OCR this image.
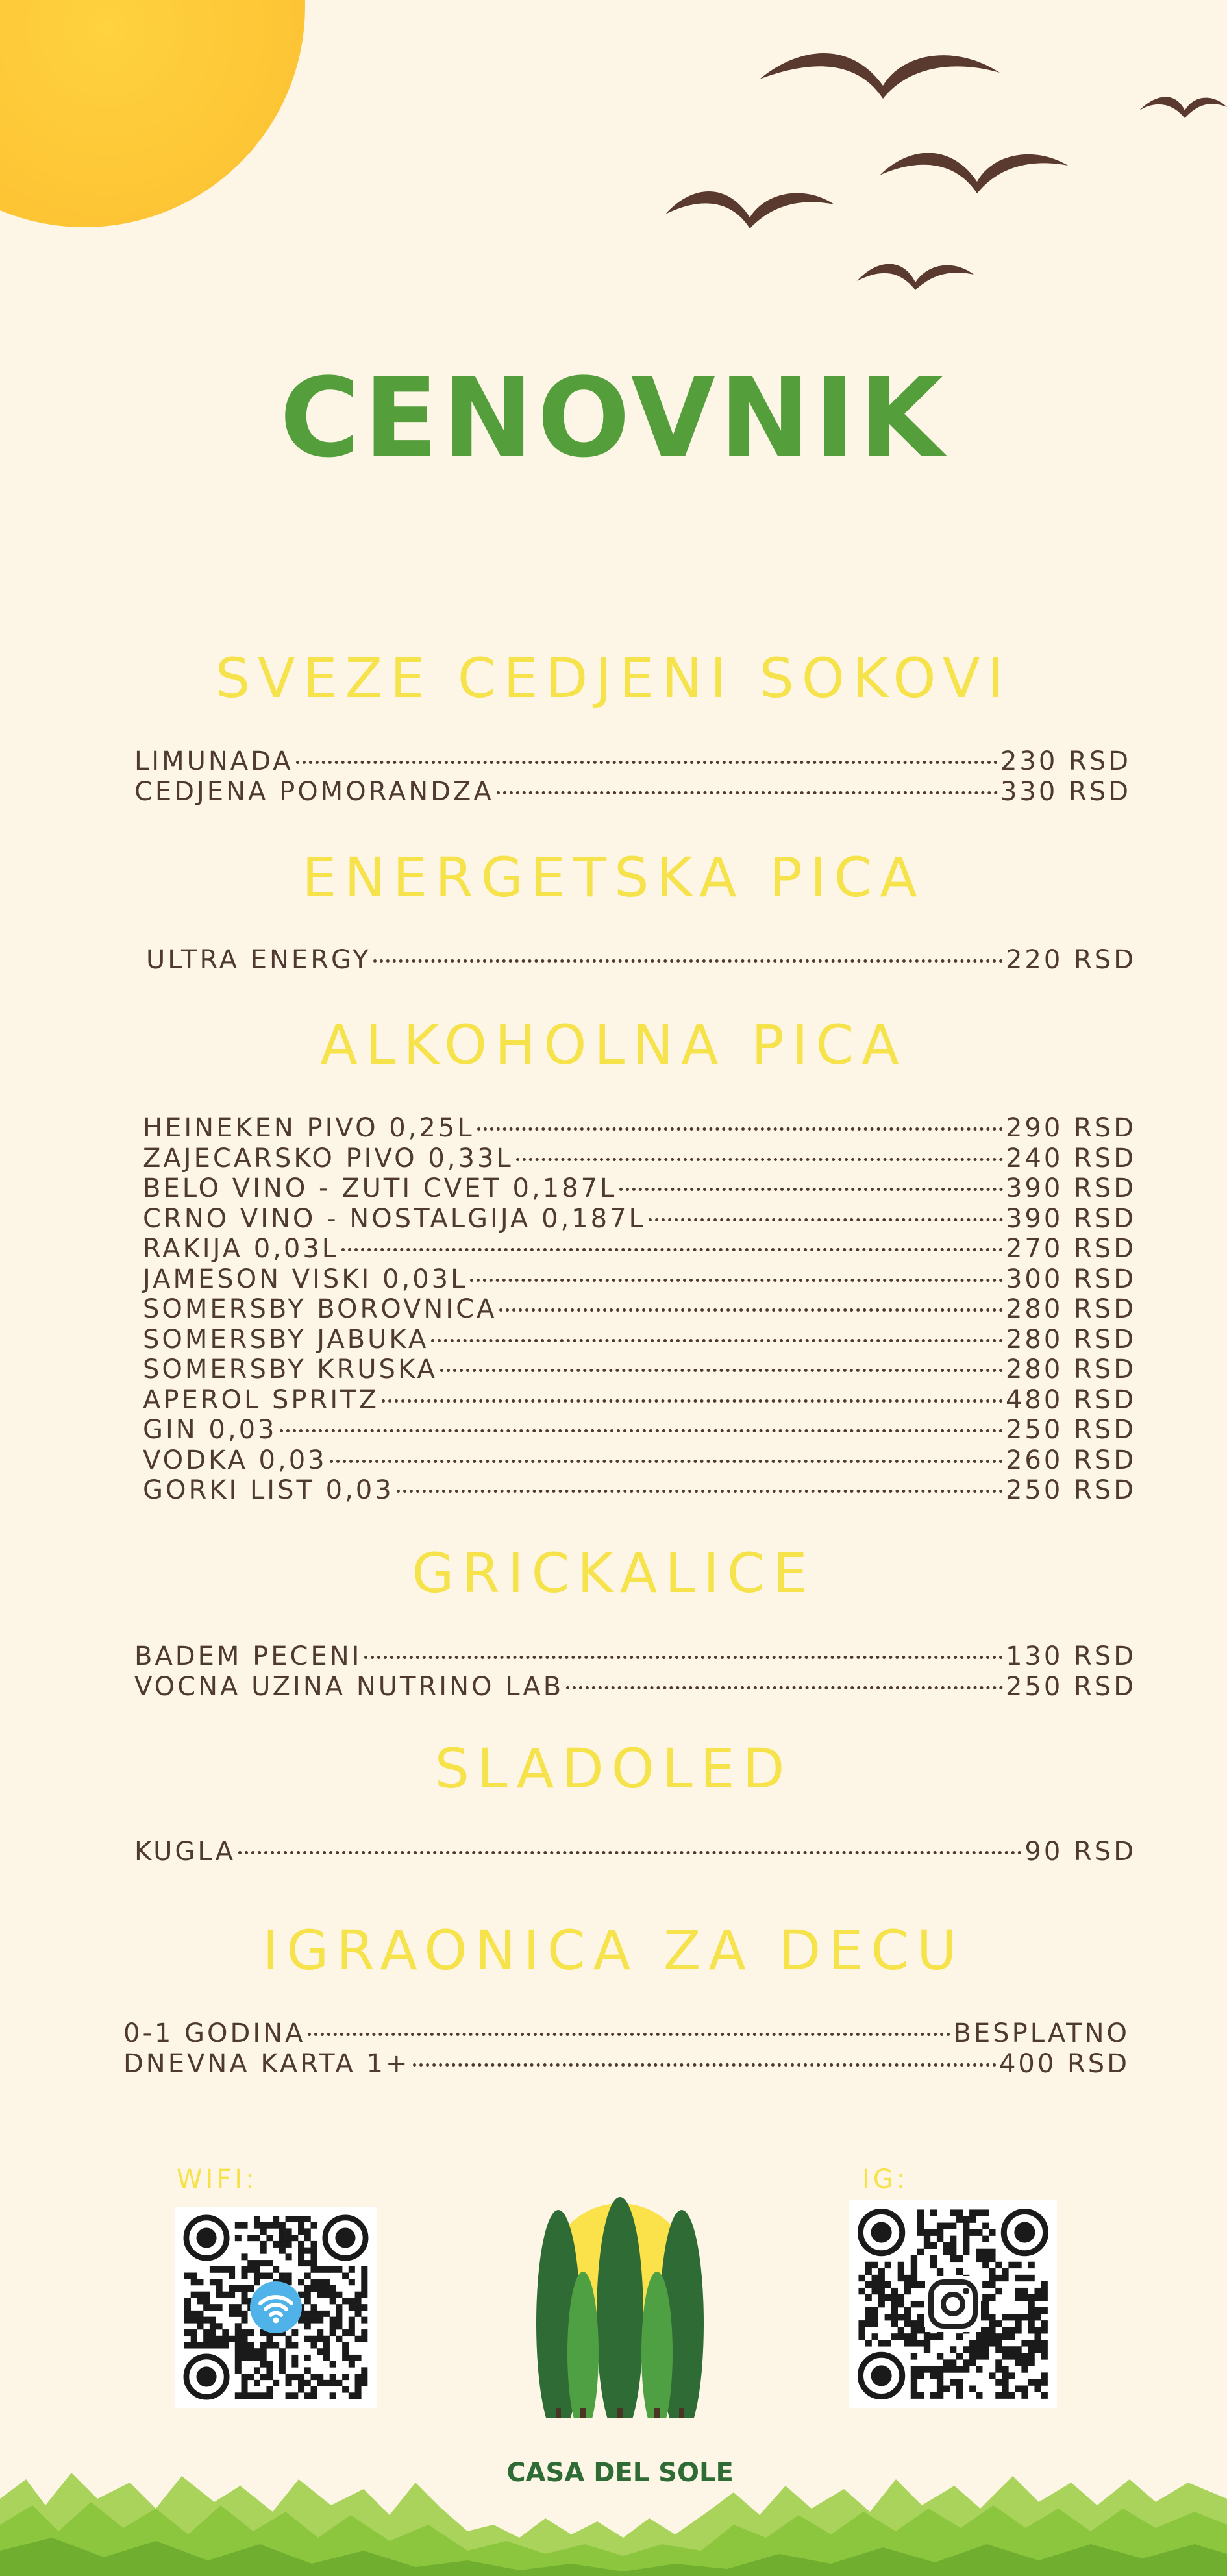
CENOVNIK
SVEZE CEDJENI SOKOVI
LIMUNADA	230 RSD
CEDJENA POMORANDZA	330 RSD
ENERGETSKA PICA
ULTRA ENERGY	220 RSD
ALKOHOLNA PICA
HEINEKEN PIVO 0,25L	290 RSD
ZAJECARSKO PIVO 0,33L	240 RSD
BELO VINO - ZUTI CVET 0,187L	390 RSD
CRNO VINO - NOSTALGIJA 0,187L	390 RSD
RAKIJA 0,03L	270 RSD
JAMESON VISKI 0,03L	300 RSD
SOMERSBY BOROVNICA	280 RSD
SOMERSBY JABUKA	280 RSD
SOMERSBY KRUSKA	280 RSD
APEROL SPRITZ	480 RSD
GIN 0,03	250 RSD
VODKA 0,03	260 RSD
GORKI LIST 0,03	250 RSD
GRICKALICE
BADEM PECENI	130 RSD
VOCNA UZINA NUTRINO LAB	250 RSD
SLADOLED
KUGLA	90 RSD
IGRAONICA ZA DECU
0-1 GODINA	BESPLATNO
DNEVNA KARTA 1+	400 RSD
WIFI:	IG:
CASA DEL SOLE
